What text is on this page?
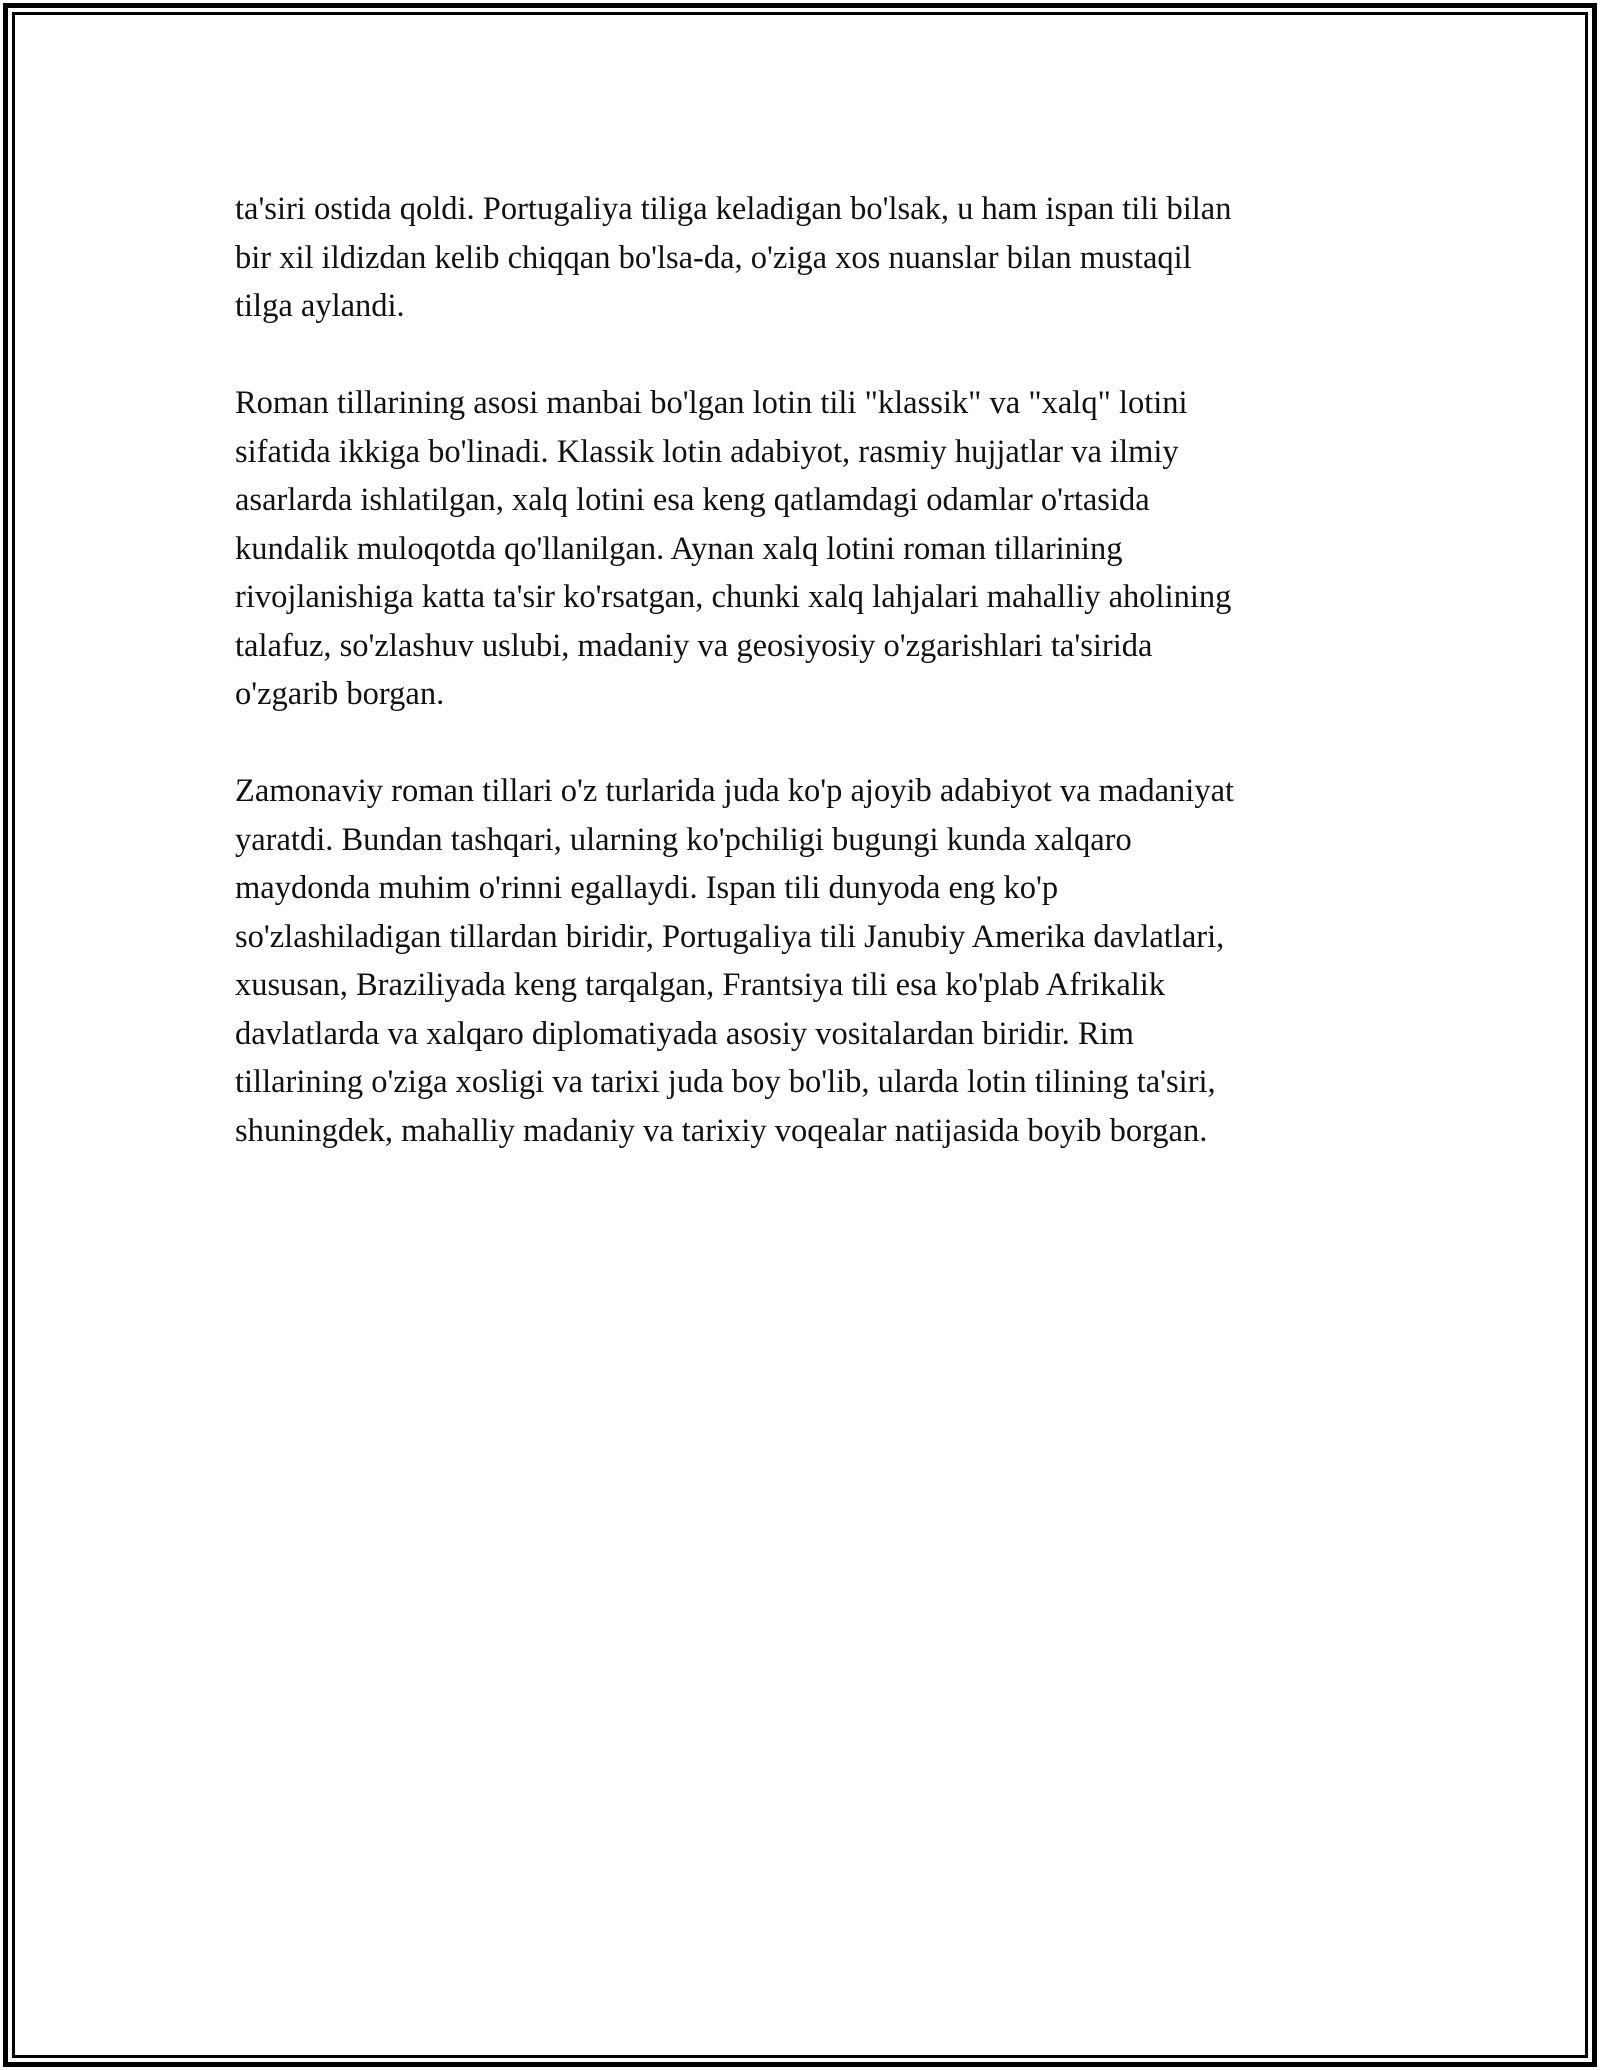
ta'siri ostida qoldi. Portugaliya tiliga keladigan bo'lsak, u ham ispan tili bilan
bir xil ildizdan kelib chiqqan bo'lsa-da, o'ziga xos nuanslar bilan mustaqil
tilga aylandi.

Roman tillarining asosi manbai bo'lgan lotin tili "klassik" va "xalq" lotini
sifatida ikkiga bo'linadi. Klassik lotin adabiyot, rasmiy hujjatlar va ilmiy
asarlarda ishlatilgan, xalq lotini esa keng qatlamdagi odamlar o'rtasida
kundalik muloqotda qo'llanilgan. Aynan xalq lotini roman tillarining
rivojlanishiga katta ta'sir ko'rsatgan, chunki xalq lahjalari mahalliy aholining
talafuz, so'zlashuv uslubi, madaniy va geosiyosiy o'zgarishlari ta'sirida
o'zgarib borgan.

Zamonaviy roman tillari o'z turlarida juda ko'p ajoyib adabiyot va madaniyat
yaratdi. Bundan tashqari, ularning ko'pchiligi bugungi kunda xalqaro
maydonda muhim o'rinni egallaydi. Ispan tili dunyoda eng ko'p
so'zlashiladigan tillardan biridir, Portugaliya tili Janubiy Amerika davlatlari,
xususan, Braziliyada keng tarqalgan, Frantsiya tili esa ko'plab Afrikalik
davlatlarda va xalqaro diplomatiyada asosiy vositalardan biridir. Rim
tillarining o'ziga xosligi va tarixi juda boy bo'lib, ularda lotin tilining ta'siri,
shuningdek, mahalliy madaniy va tarixiy voqealar natijasida boyib borgan.
